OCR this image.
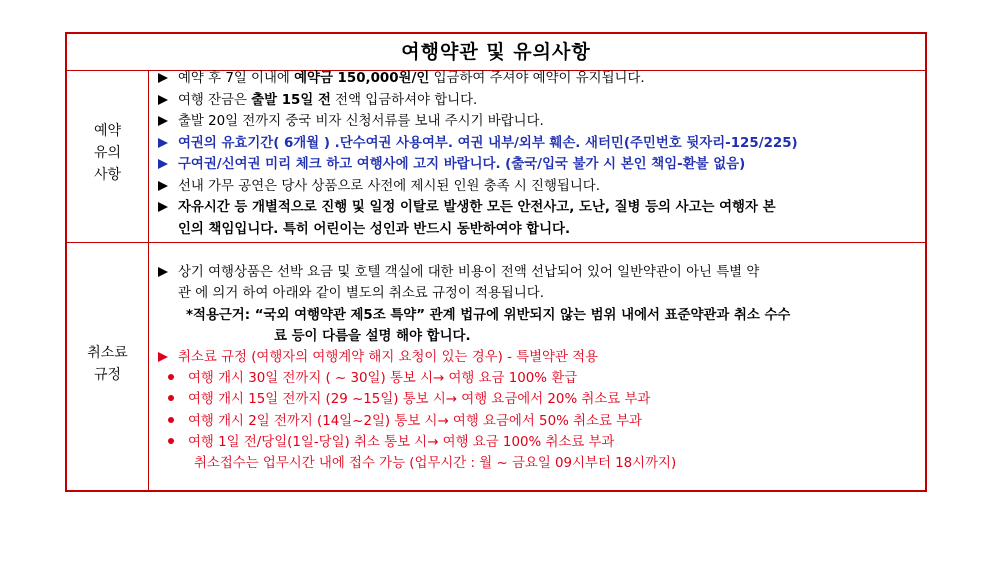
여행약관 및 유의사항
예약
유의
사항
예약 후 7일 이내에 예약금 150,000원/인 입금하여 주셔야 예약이 유지됩니다.
여행 잔금은 출발 15일 전 전액 입금하셔야 합니다.
출발 20일 전까지 중국 비자 신청서류를 보내 주시기 바랍니다.
여권의 유효기간( 6개월 ) .단수여권 사용여부. 여권 내부/외부 훼손. 새터민(주민번호 뒷자리-125/225)
구여권/신여권 미리 체크 하고 여행사에 고지 바랍니다. (출국/입국 불가 시 본인 책임-환불 없음)
선내 가무 공연은 당사 상품으로 사전에 제시된 인원 충족 시 진행됩니다.
자유시간 등 개별적으로 진행 및 일정 이탈로 발생한 모든 안전사고, 도난, 질병 등의 사고는 여행자 본
인의 책임입니다. 특히 어린이는 성인과 반드시 동반하여야 합니다.
취소료
규정
상기 여행상품은 선박 요금 및 호텔 객실에 대한 비용이 전액 선납되어 있어 일반약관이 아닌 특별 약
관 에 의거 하여 아래와 같이 별도의 취소료 규정이 적용됩니다.
*적용근거: “국외 여행약관 제5조 특약” 관계 법규에 위반되지 않는 범위 내에서 표준약관과 취소 수수
료 등이 다름을 설명 해야 합니다.
취소료 규정 (여행자의 여행계약 해지 요청이 있는 경우) - 특별약관 적용
여행 개시 30일 전까지 ( ~ 30일) 통보 시→ 여행 요금 100% 환급
여행 개시 15일 전까지 (29 ~15일) 통보 시→ 여행 요금에서 20% 취소료 부과
여행 개시 2일 전까지 (14일~2일) 통보 시→ 여행 요금에서 50% 취소료 부과
여행 1일 전/당일(1일-당일) 취소 통보 시→ 여행 요금 100% 취소료 부과
취소접수는 업무시간 내에 접수 가능 (업무시간 : 월 ~ 금요일 09시부터 18시까지)
